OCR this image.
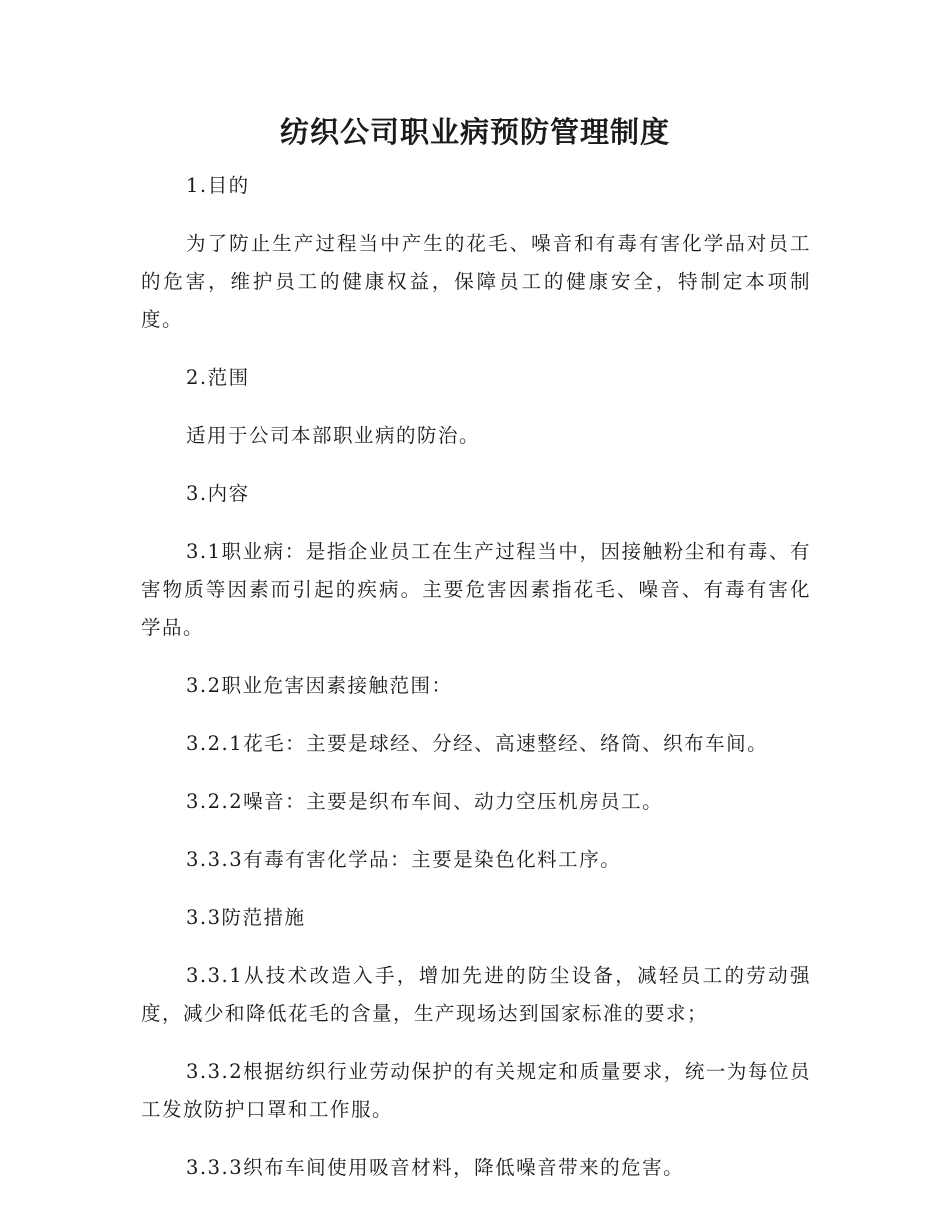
纺织公司职业病预防管理制度

1.目的

为了防止生产过程当中产生的花毛、噪音和有毒有害化学品对员工的危害，维护员工的健康权益，保障员工的健康安全，特制定本项制度。

2.范围

适用于公司本部职业病的防治。

3.内容

3.1职业病：是指企业员工在生产过程当中，因接触粉尘和有毒、有害物质等因素而引起的疾病。主要危害因素指花毛、噪音、有毒有害化学品。

3.2职业危害因素接触范围：

3.2.1花毛：主要是球经、分经、高速整经、络筒、织布车间。

3.2.2噪音：主要是织布车间、动力空压机房员工。

3.3.3有毒有害化学品：主要是染色化料工序。

3.3防范措施

3.3.1从技术改造入手，增加先进的防尘设备，减轻员工的劳动强度，减少和降低花毛的含量，生产现场达到国家标准的要求；

3.3.2根据纺织行业劳动保护的有关规定和质量要求，统一为每位员工发放防护口罩和工作服。

3.3.3织布车间使用吸音材料，降低噪音带来的危害。
